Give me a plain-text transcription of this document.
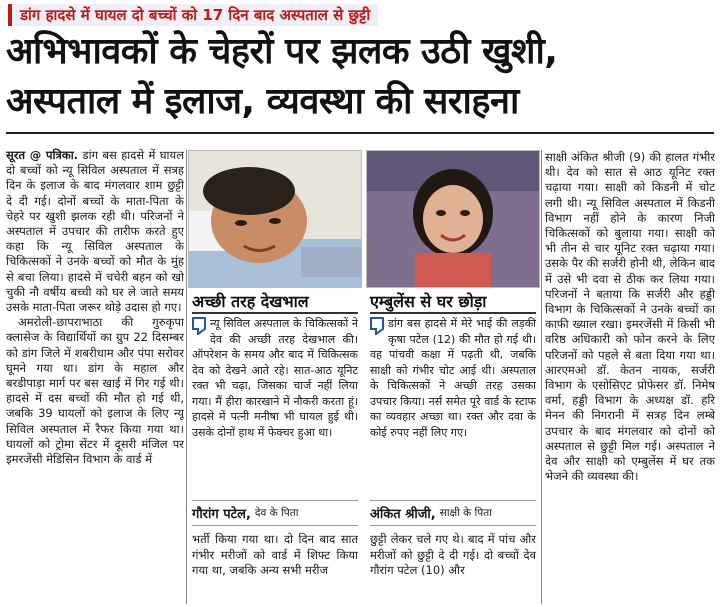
डांग हादसे में घायल दो बच्चों को 17 दिन बाद अस्पताल से छुट्टी
अभिभावकों के चेहरों पर झलक उठी खुशी,
अस्पताल में इलाज, व्यवस्था की सराहना

सूरत @ पत्रिका. डांग बस हादसे में घायल दो बच्चों को न्यू सिविल अस्पताल में सत्रह दिन के इलाज के बाद मंगलवार शाम छुट्टी दे दी गई। दोनों बच्चों के माता-पिता के चेहरे पर खुशी झलक रही थी। परिजनों ने अस्पताल में उपचार की तारीफ करते हुए कहा कि न्यू सिविल अस्पताल के चिकित्सकों ने उनके बच्चों को मौत के मुंह से बचा लिया। हादसे में चचेरी बहन को खो चुकी नौ वर्षीय बच्ची को घर ले जाते समय उसके माता-पिता जरूर थोड़े उदास हो गए।

अमरोली-छापराभाठा की गुरुकृपा क्लासेज के विद्यार्थियों का ग्रुप 22 दिसम्बर को डांग जिले में शबरीधाम और पंपा सरोवर घूमने गया था। डांग के महाल और बरडीपाड़ा मार्ग पर बस खाई में गिर गई थी। हादसे में दस बच्चों की मौत हो गई थी, जबकि 39 घायलों को इलाज के लिए न्यू सिविल अस्पताल में रैफर किया गया था। घायलों को ट्रोमा सेंटर में दूसरी मंजिल पर इमरजेंसी मेडिसिन विभाग के वार्ड में

अच्छी तरह देखभाल	एम्बुलेंस से घर छोड़ा
न्यू सिविल अस्पताल के चिकित्सकों ने देव की अच्छी तरह देखभाल की। ऑपरेशन के समय और बाद में चिकित्सक देव को देखने आते रहे। सात-आठ यूनिट रक्त भी चढ़ा, जिसका चार्ज नहीं लिया गया। मैं हीरा कारखाने में नौकरी करता हूं। हादसे में पत्नी मनीषा भी घायल हुई थी। उसके दोनों हाथ में फेक्चर हुआ था।
डांग बस हादसे में मेरे भाई की लड़की कृषा पटेल (12) की मौत हो गई थी। वह पांचवी कक्षा में पढ़ती थी, जबकि साक्षी को गंभीर चोट आई थी। अस्पताल के चिकित्सकों ने अच्छी तरह उसका उपचार किया। नर्स समेत पूरे वार्ड के स्टाफ का व्यवहार अच्छा था। रक्त और दवा के कोई रुपए नहीं लिए गए।
गौरांग पटेल, देव के पिता	अंकित श्रीजी, साक्षी के पिता
भर्ती किया गया था। दो दिन बाद सात गंभीर मरीजों को वार्ड में शिफ्ट किया गया था, जबकि अन्य सभी मरीज
छुट्टी लेकर चले गए थे। बाद में पांच और मरीजों को छुट्टी दे दी गई। दो बच्चों देव गौरांग पटेल (10) और

साक्षी अंकित श्रीजी (9) की हालत गंभीर थी। देव को सात से आठ यूनिट रक्त चढ़ाया गया। साक्षी को किडनी में चोट लगी थी। न्यू सिविल अस्पताल में किडनी विभाग नहीं होने के कारण निजी चिकित्सकों को बुलाया गया। साक्षी को भी तीन से चार यूनिट रक्त चढ़ाया गया। उसके पैर की सर्जरी होनी थी, लेकिन बाद में उसे भी दवा से ठीक कर लिया गया। परिजनों ने बताया कि सर्जरी और हड्डी विभाग के चिकित्सकों ने उनके बच्चों का काफी ख्याल रखा। इमरजेंसी में किसी भी वरिष्ठ अधिकारी को फोन करने के लिए परिजनों को पहले से बता दिया गया था। आरएमओ डॉ. केतन नायक, सर्जरी विभाग के एसोसिएट प्रोफेसर डॉ. निमेष वर्मा, हड्डी विभाग के अध्यक्ष डॉ. हरि मेनन की निगरानी में सत्रह दिन लम्बे उपचार के बाद मंगलवार को दोनों को अस्पताल से छुट्टी मिल गई। अस्पताल ने देव और साक्षी को एम्बुलेंस में घर तक भेजने की व्यवस्था की।
